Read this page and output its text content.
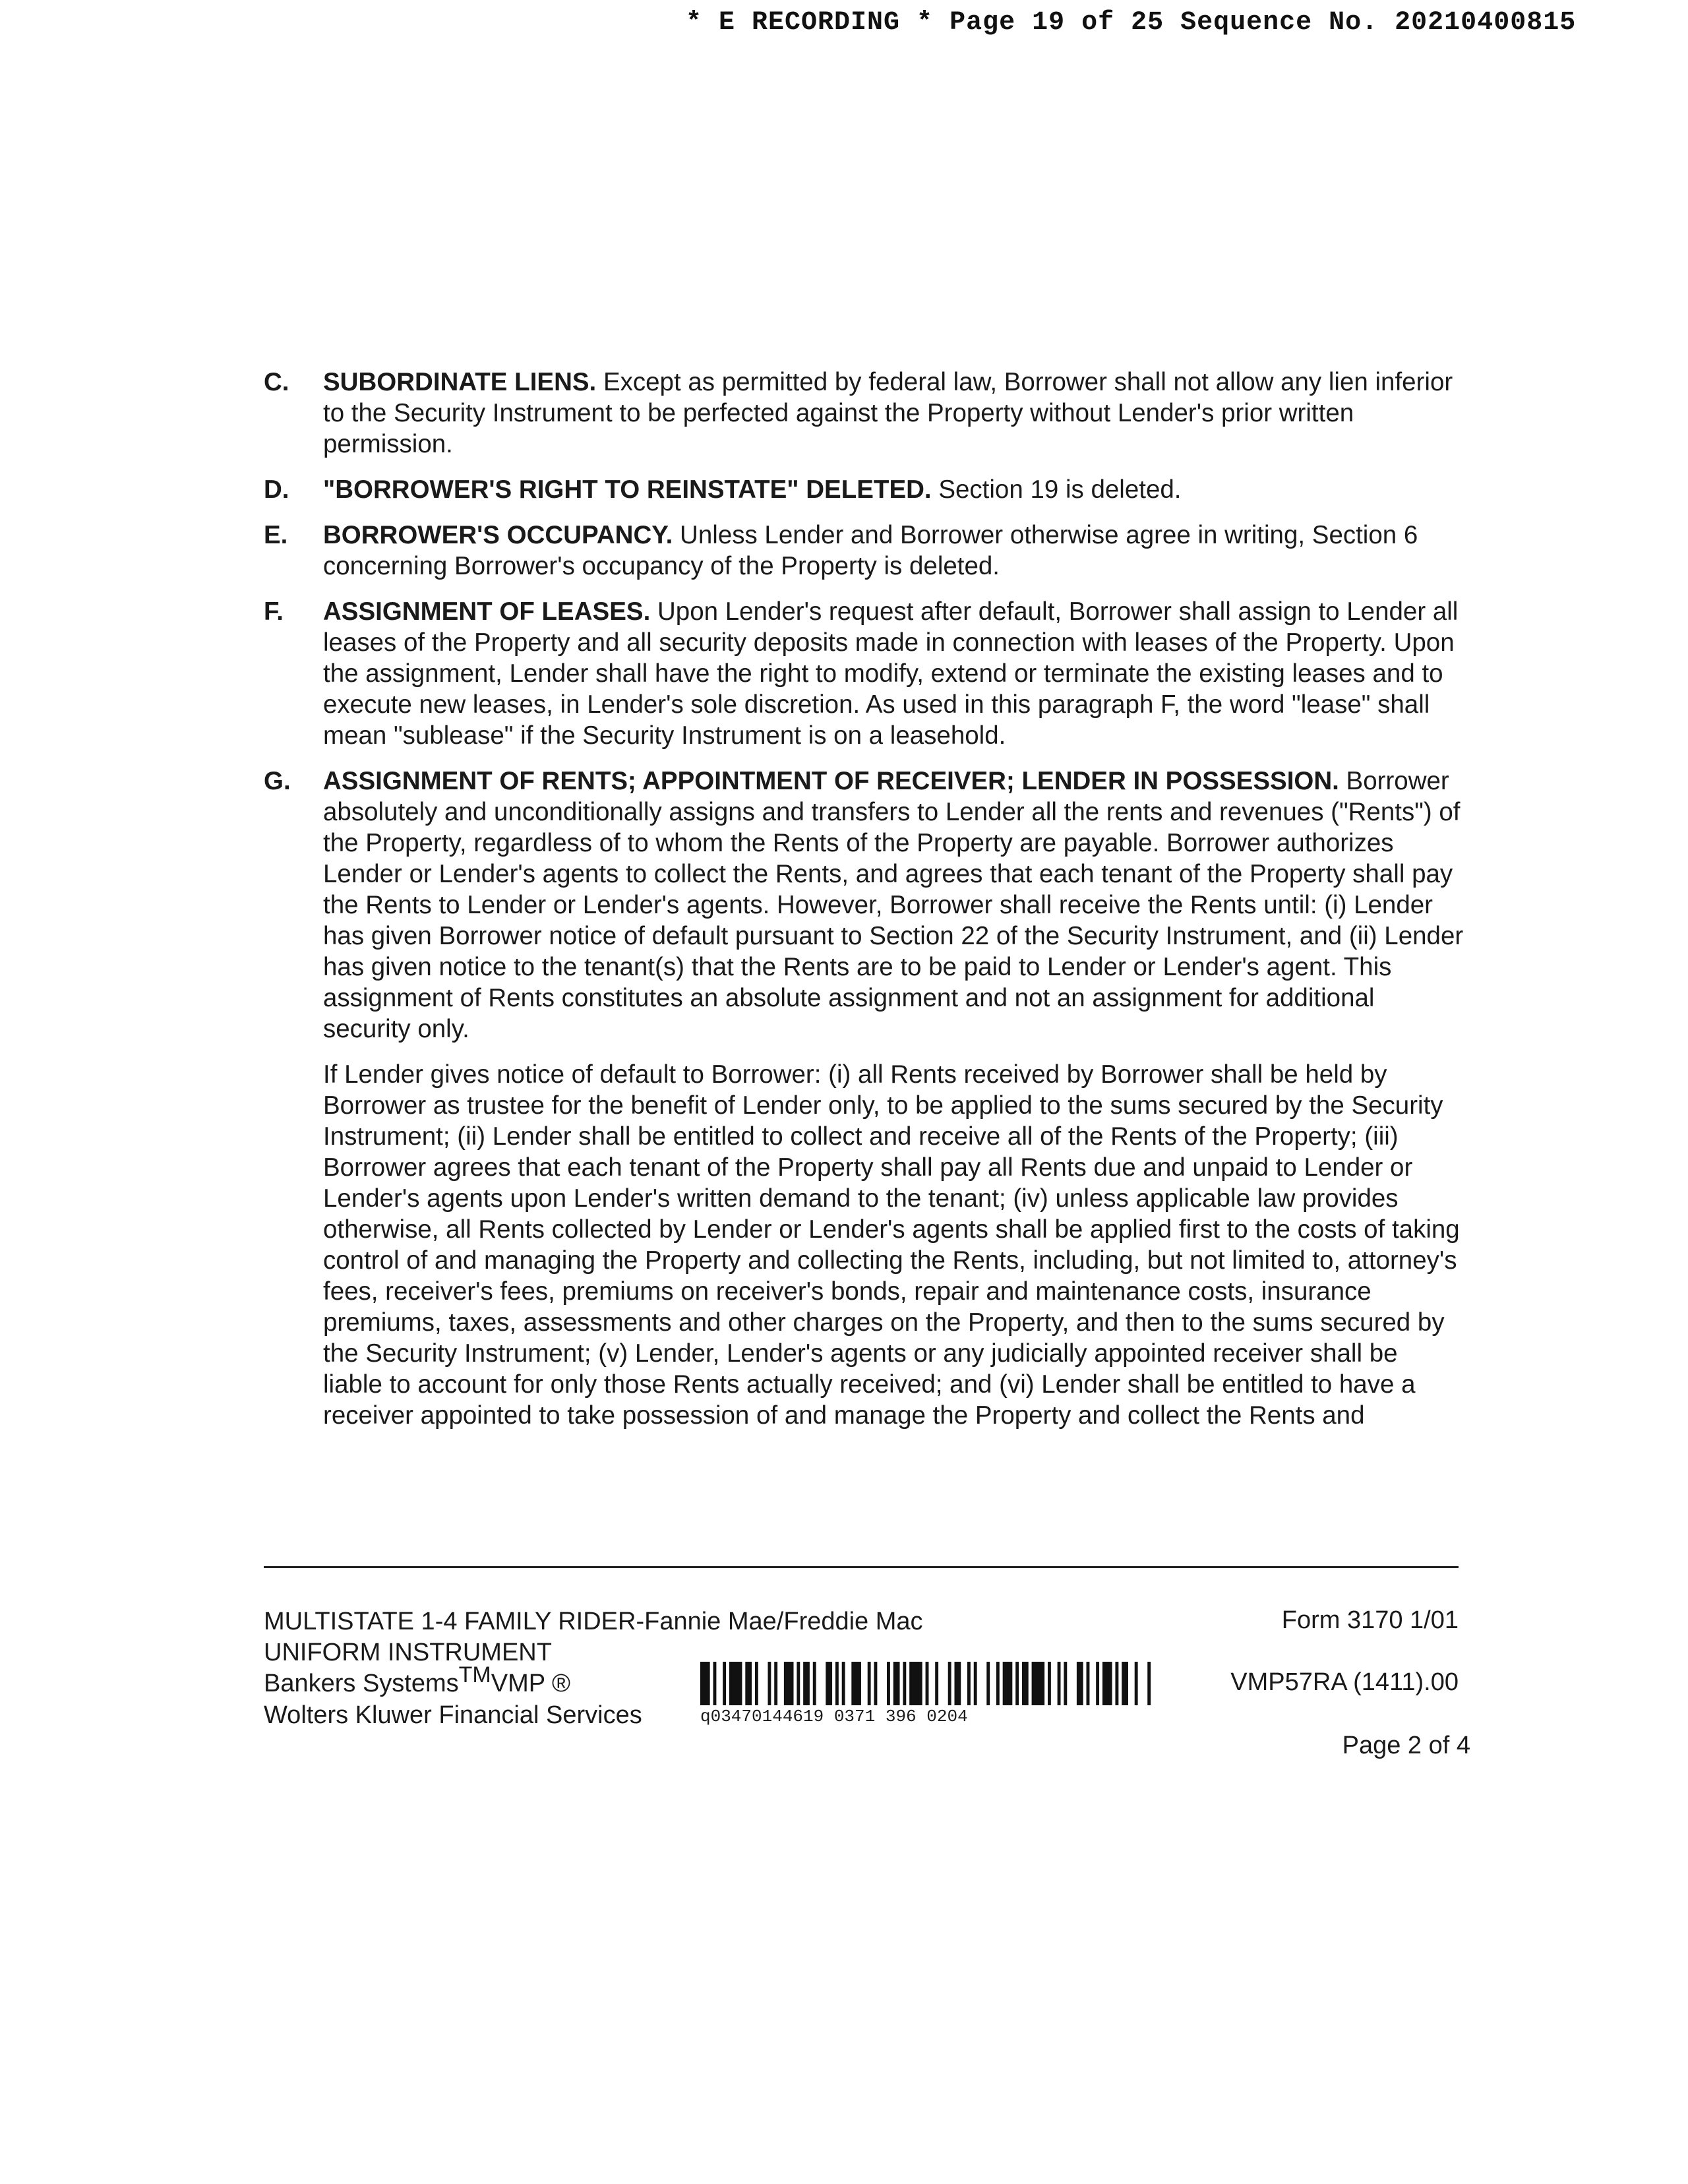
* E RECORDING * Page 19 of 25 Sequence No. 20210400815
C. SUBORDINATE LIENS. Except as permitted by federal law, Borrower shall not allow any lien inferior to the Security Instrument to be perfected against the Property without Lender's prior written permission.

D. "BORROWER'S RIGHT TO REINSTATE" DELETED. Section 19 is deleted.

E. BORROWER'S OCCUPANCY. Unless Lender and Borrower otherwise agree in writing, Section 6 concerning Borrower's occupancy of the Property is deleted.

F. ASSIGNMENT OF LEASES. Upon Lender's request after default, Borrower shall assign to Lender all leases of the Property and all security deposits made in connection with leases of the Property. Upon the assignment, Lender shall have the right to modify, extend or terminate the existing leases and to execute new leases, in Lender's sole discretion. As used in this paragraph F, the word "lease" shall mean "sublease" if the Security Instrument is on a leasehold.

G. ASSIGNMENT OF RENTS; APPOINTMENT OF RECEIVER; LENDER IN POSSESSION. Borrower absolutely and unconditionally assigns and transfers to Lender all the rents and revenues ("Rents") of the Property, regardless of to whom the Rents of the Property are payable. Borrower authorizes Lender or Lender's agents to collect the Rents, and agrees that each tenant of the Property shall pay the Rents to Lender or Lender's agents. However, Borrower shall receive the Rents until: (i) Lender has given Borrower notice of default pursuant to Section 22 of the Security Instrument, and (ii) Lender has given notice to the tenant(s) that the Rents are to be paid to Lender or Lender's agent. This assignment of Rents constitutes an absolute assignment and not an assignment for additional security only.

If Lender gives notice of default to Borrower: (i) all Rents received by Borrower shall be held by Borrower as trustee for the benefit of Lender only, to be applied to the sums secured by the Security Instrument; (ii) Lender shall be entitled to collect and receive all of the Rents of the Property; (iii) Borrower agrees that each tenant of the Property shall pay all Rents due and unpaid to Lender or Lender's agents upon Lender's written demand to the tenant; (iv) unless applicable law provides otherwise, all Rents collected by Lender or Lender's agents shall be applied first to the costs of taking control of and managing the Property and collecting the Rents, including, but not limited to, attorney's fees, receiver's fees, premiums on receiver's bonds, repair and maintenance costs, insurance premiums, taxes, assessments and other charges on the Property, and then to the sums secured by the Security Instrument; (v) Lender, Lender's agents or any judicially appointed receiver shall be liable to account for only those Rents actually received; and (vi) Lender shall be entitled to have a receiver appointed to take possession of and manage the Property and collect the Rents and

MULTISTATE 1-4 FAMILY RIDER-Fannie Mae/Freddie Mac
UNIFORM INSTRUMENT
Bankers SystemsTMVMP ®
Wolters Kluwer Financial Services
Form 3170 1/01
VMP57RA (1411).00
Page 2 of 4
q03470144619 0371 396 0204
